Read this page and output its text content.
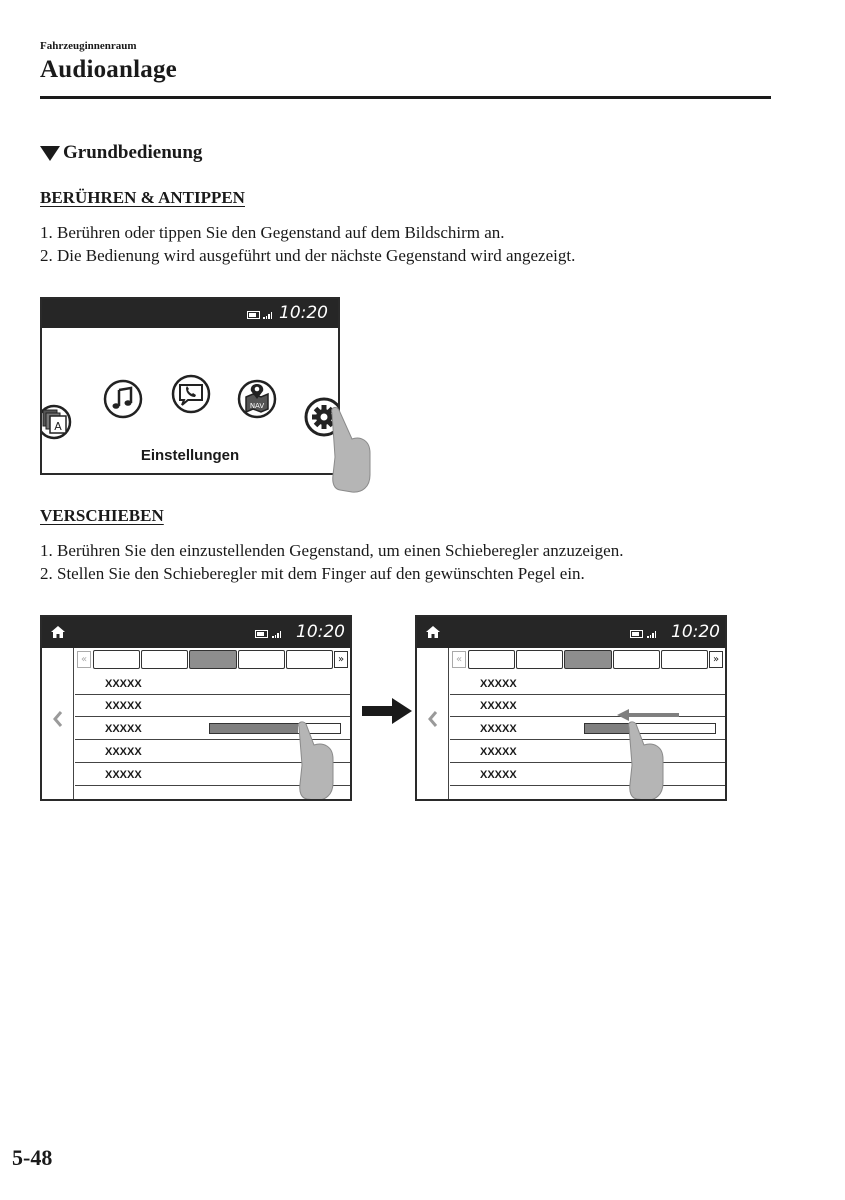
Fahrzeuginnenraum
Audioanlage
Grundbedienung
BERÜHREN & ANTIPPEN
1. Berühren oder tippen Sie den Gegenstand auf dem Bildschirm an.
2. Die Bedienung wird ausgeführt und der nächste Gegenstand wird angezeigt.
10:20
A
NAV
Einstellungen
VERSCHIEBEN
1. Berühren Sie den einzustellenden Gegenstand, um einen Schieberegler anzuzeigen.
2. Stellen Sie den Schieberegler mit dem Finger auf den gewünschten Pegel ein.
10:20
«	»
XXXXX
XXXXX
XXXXX
XXXXX
XXXXX
10:20
«	»
XXXXX
XXXXX
XXXXX
XXXXX
XXXXX
5-48
